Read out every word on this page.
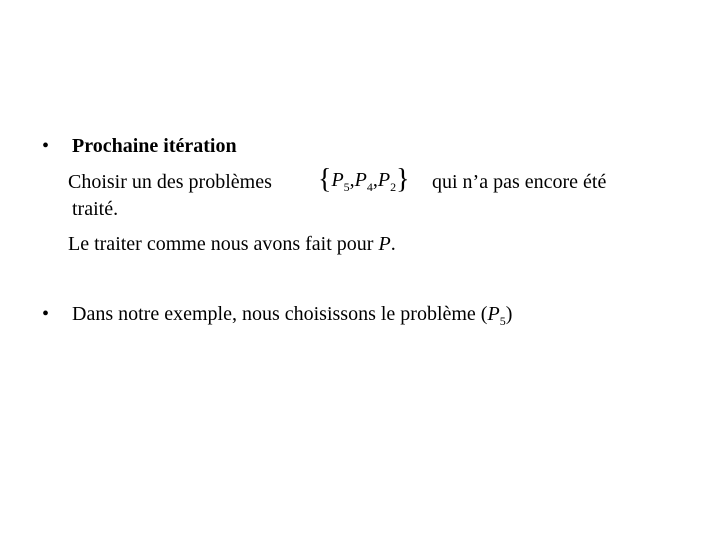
• Prochaine itération
Choisir un des problèmes $\{P_5,P_4,P_2\}$ qui n’a pas encore été
traité.
Le traiter comme nous avons fait pour P.
• Dans notre exemple, nous choisissons le problème $(P_5)$
